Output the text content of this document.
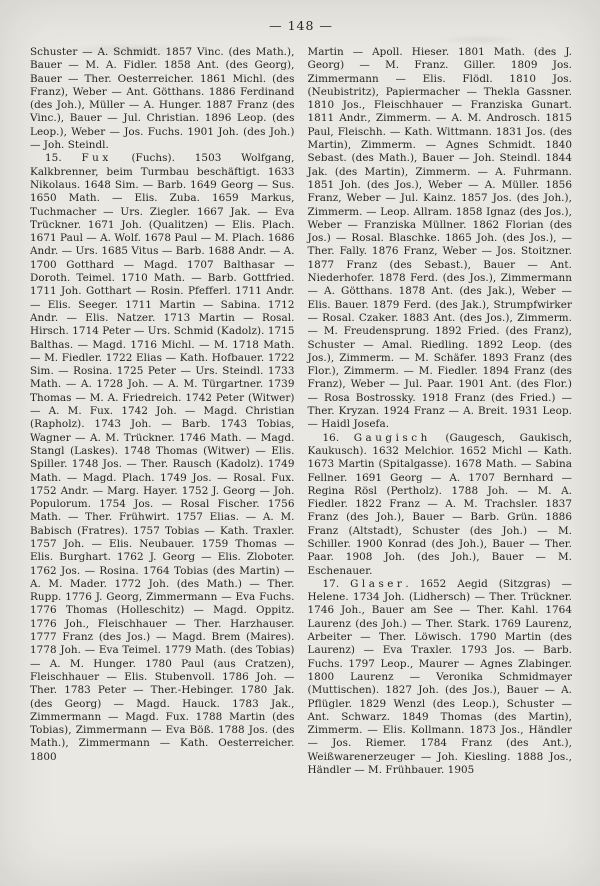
— 148 —

Schuster — A. Schmidt. 1857 Vinc. (des Math.), Bauer — M. A. Fidler. 1858 Ant. (des Georg), Bauer — Ther. Oesterreicher. 1861 Michl. (des Franz), Weber — Ant. Götthans. 1886 Ferdinand (des Joh.), Müller — A. Hunger. 1887 Franz (des Vinc.), Bauer — Jul. Christian. 1896 Leop. (des Leop.), Weber — Jos. Fuchs. 1901 Joh. (des Joh.) — Joh. Steindl.

15. Fux (Fuchs). 1503 Wolfgang, Kalkbrenner, beim Turmbau beschäftigt. 1633 Nikolaus. 1648 Sim. — Barb. 1649 Georg — Sus. 1650 Math. — Elis. Zuba. 1659 Markus, Tuchmacher — Urs. Ziegler. 1667 Jak. — Eva Trückner. 1671 Joh. (Qualitzen) — Elis. Plach. 1671 Paul — A. Wolf. 1678 Paul — M. Plach. 1686 Andr. — Urs. 1685 Vitus — Barb. 1688 Andr. — A. 1700 Gotthard — Magd. 1707 Balthasar — Doroth. Teimel. 1710 Math. — Barb. Gottfried. 1711 Joh. Gotthart — Rosin. Pfefferl. 1711 Andr. — Elis. Seeger. 1711 Martin — Sabina. 1712 Andr. — Elis. Natzer. 1713 Martin — Rosal. Hirsch. 1714 Peter — Urs. Schmid (Kadolz). 1715 Balthas. — Magd. 1716 Michl. — M. 1718 Math. — M. Fiedler. 1722 Elias — Kath. Hofbauer. 1722 Sim. — Rosina. 1725 Peter — Urs. Steindl. 1733 Math. — A. 1728 Joh. — A. M. Türgartner. 1739 Thomas — M. A. Friedreich. 1742 Peter (Witwer) — A. M. Fux. 1742 Joh. — Magd. Christian (Rapholz). 1743 Joh. — Barb. 1743 Tobias, Wagner — A. M. Trückner. 1746 Math. — Magd. Stangl (Laskes). 1748 Thomas (Witwer) — Elis. Spiller. 1748 Jos. — Ther. Rausch (Kadolz). 1749 Math. — Magd. Plach. 1749 Jos. — Rosal. Fux. 1752 Andr. — Marg. Hayer. 1752 J. Georg — Joh. Populorum. 1754 Jos. — Rosal Fischer. 1756 Math. — Ther. Frühwirt. 1757 Elias. — A. M. Babisch (Fratres). 1757 Tobias — Kath. Traxler. 1757 Joh. — Elis. Neubauer. 1759 Thomas — Elis. Burghart. 1762 J. Georg — Elis. Zloboter. 1762 Jos. — Rosina. 1764 Tobias (des Martin) — A. M. Mader. 1772 Joh. (des Math.) — Ther. Rupp. 1776 J. Georg, Zimmermann — Eva Fuchs. 1776 Thomas (Holleschitz) — Magd. Oppitz. 1776 Joh., Fleischhauer — Ther. Harzhauser. 1777 Franz (des Jos.) — Magd. Brem (Maires). 1778 Joh. — Eva Teimel. 1779 Math. (des Tobias) — A. M. Hunger. 1780 Paul (aus Cratzen), Fleischhauer — Elis. Stubenvoll. 1786 Joh. — Ther. 1783 Peter — Ther.-Hebinger. 1780 Jak. (des Georg) — Magd. Hauck. 1783 Jak., Zimmermann — Magd. Fux. 1788 Martin (des Tobias), Zimmermann — Eva Böß. 1788 Jos. (des Math.), Zimmermann — Kath. Oesterreicher. 1800

Martin — Apoll. Hieser. 1801 Math. (des J. Georg) — M. Franz. Giller. 1809 Jos. Zimmermann — Elis. Flödl. 1810 Jos. (Neubistritz), Papiermacher — Thekla Gassner. 1810 Jos., Fleischhauer — Franziska Gunart. 1811 Andr., Zimmerm. — A. M. Androsch. 1815 Paul, Fleischh. — Kath. Wittmann. 1831 Jos. (des Martin), Zimmerm. — Agnes Schmidt. 1840 Sebast. (des Math.), Bauer — Joh. Steindl. 1844 Jak. (des Martin), Zimmerm. — A. Fuhrmann. 1851 Joh. (des Jos.), Weber — A. Müller. 1856 Franz, Weber — Jul. Kainz. 1857 Jos. (des Joh.), Zimmerm. — Leop. Allram. 1858 Ignaz (des Jos.), Weber — Franziska Müllner. 1862 Florian (des Jos.) — Rosal. Blaschke. 1865 Joh. (des Jos.), — Ther. Fally. 1876 Franz, Weber — Jos. Stoitzner. 1877 Franz (des Sebast.), Bauer — Ant. Niederhofer. 1878 Ferd. (des Jos.), Zimmermann — A. Götthans. 1878 Ant. (des Jak.), Weber — Elis. Bauer. 1879 Ferd. (des Jak.), Strumpfwirker — Rosal. Czaker. 1883 Ant. (des Jos.), Zimmerm. — M. Freudensprung. 1892 Fried. (des Franz), Schuster — Amal. Riedling. 1892 Leop. (des Jos.), Zimmerm. — M. Schäfer. 1893 Franz (des Flor.), Zimmerm. — M. Fiedler. 1894 Franz (des Franz), Weber — Jul. Paar. 1901 Ant. (des Flor.) — Rosa Bostrossky. 1918 Franz (des Fried.) — Ther. Kryzan. 1924 Franz — A. Breit. 1931 Leop. — Haidl Josefa.

16. Gaugisch (Gaugesch, Gaukisch, Kaukusch). 1632 Melchior. 1652 Michl — Kath. 1673 Martin (Spitalgasse). 1678 Math. — Sabina Fellner. 1691 Georg — A. 1707 Bernhard — Regina Rösl (Pertholz). 1788 Joh. — M. A. Fiedler. 1822 Franz — A. M. Trachsler. 1837 Franz (des Joh.), Bauer — Barb. Grün. 1886 Franz (Altstadt), Schuster (des Joh.) — M. Schiller. 1900 Konrad (des Joh.), Bauer — Ther. Paar. 1908 Joh. (des Joh.), Bauer — M. Eschenauer.

17. Glaser. 1652 Aegid (Sitzgras) — Helene. 1734 Joh. (Lidhersch) — Ther. Trückner. 1746 Joh., Bauer am See — Ther. Kahl. 1764 Laurenz (des Joh.) — Ther. Stark. 1769 Laurenz, Arbeiter — Ther. Löwisch. 1790 Martin (des Laurenz) — Eva Traxler. 1793 Jos. — Barb. Fuchs. 1797 Leop., Maurer — Agnes Zlabinger. 1800 Laurenz — Veronika Schmidmayer (Muttischen). 1827 Joh. (des Jos.), Bauer — A. Pflügler. 1829 Wenzl (des Leop.), Schuster — Ant. Schwarz. 1849 Thomas (des Martin), Zimmerm. — Elis. Kollmann. 1873 Jos., Händler — Jos. Riemer. 1784 Franz (des Ant.), Weißwarenerzeuger — Joh. Kiesling. 1888 Jos., Händler — M. Frühbauer. 1905
